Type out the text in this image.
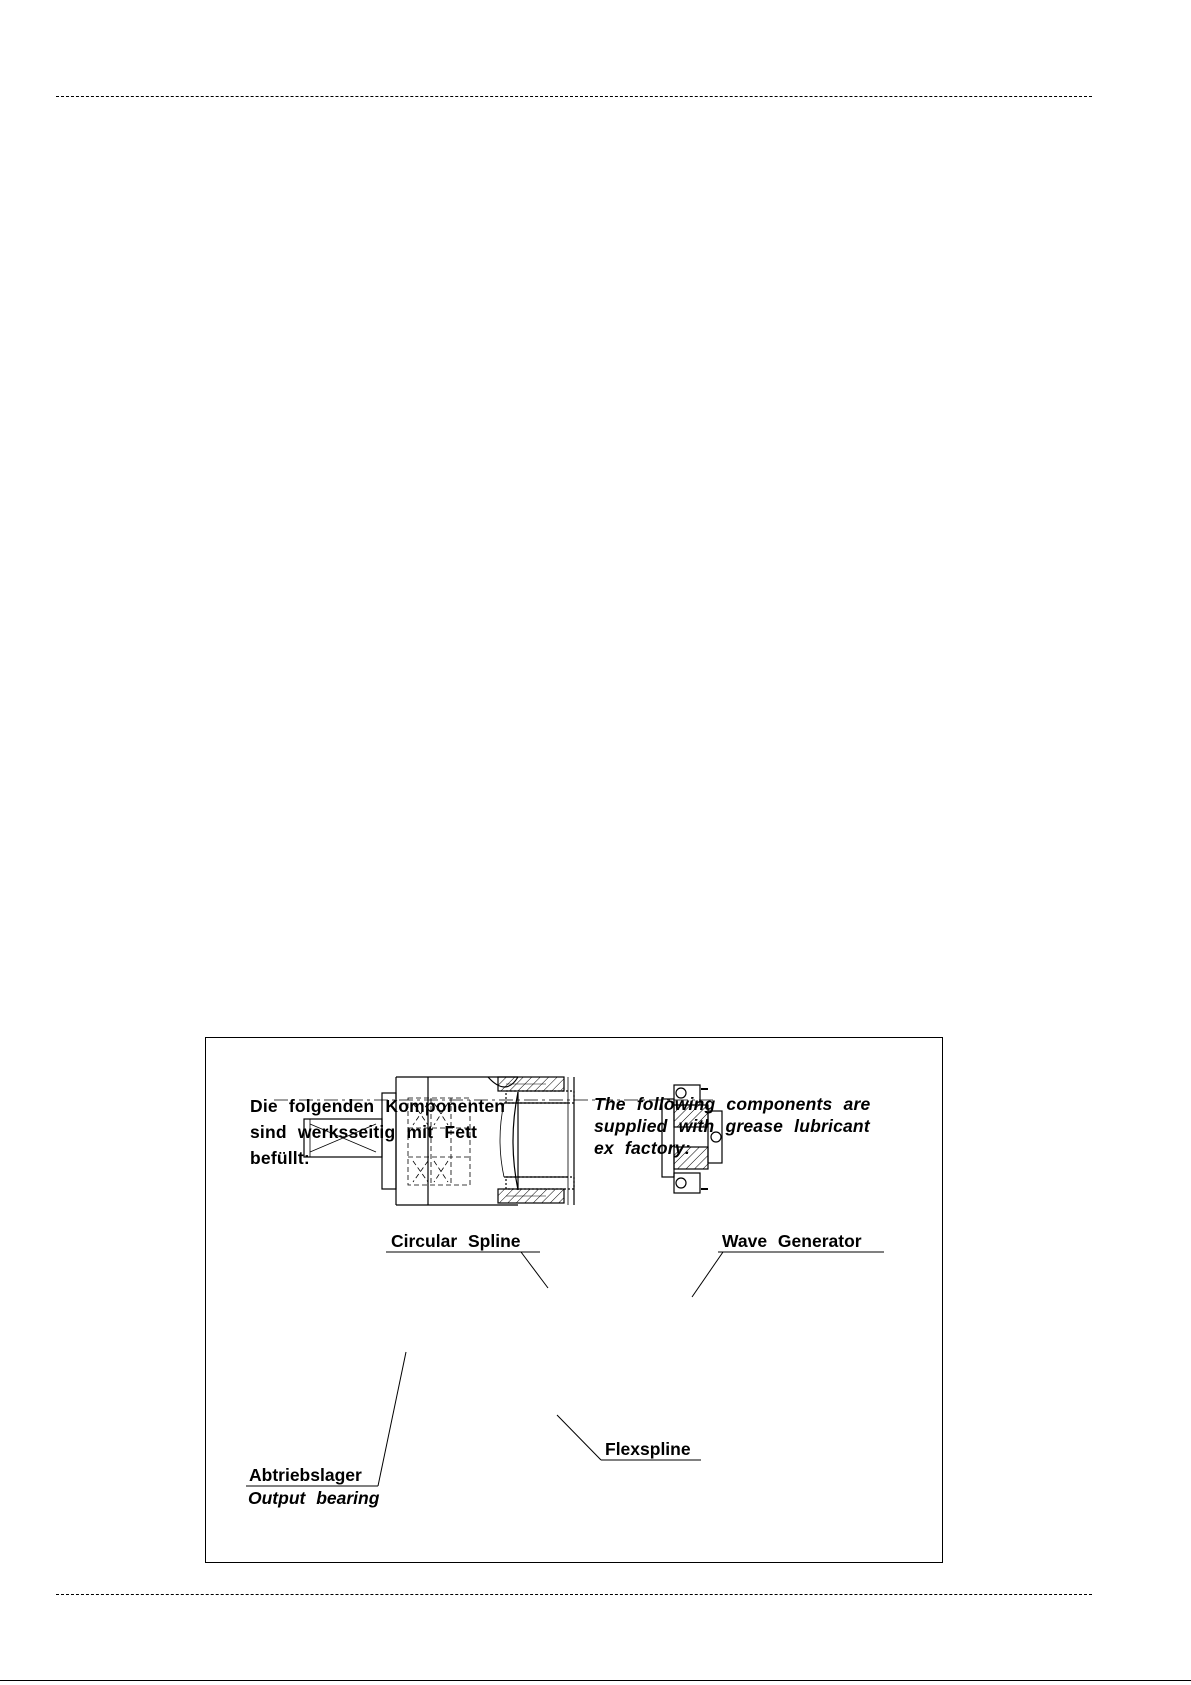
Die folgenden Komponenten
sind werksseitig mit Fett
befüllt:
The following components are
supplied with grease lubricant
ex factory:
Circular Spline	Wave Generator
Flexspline
Abtriebslager
Output bearing
